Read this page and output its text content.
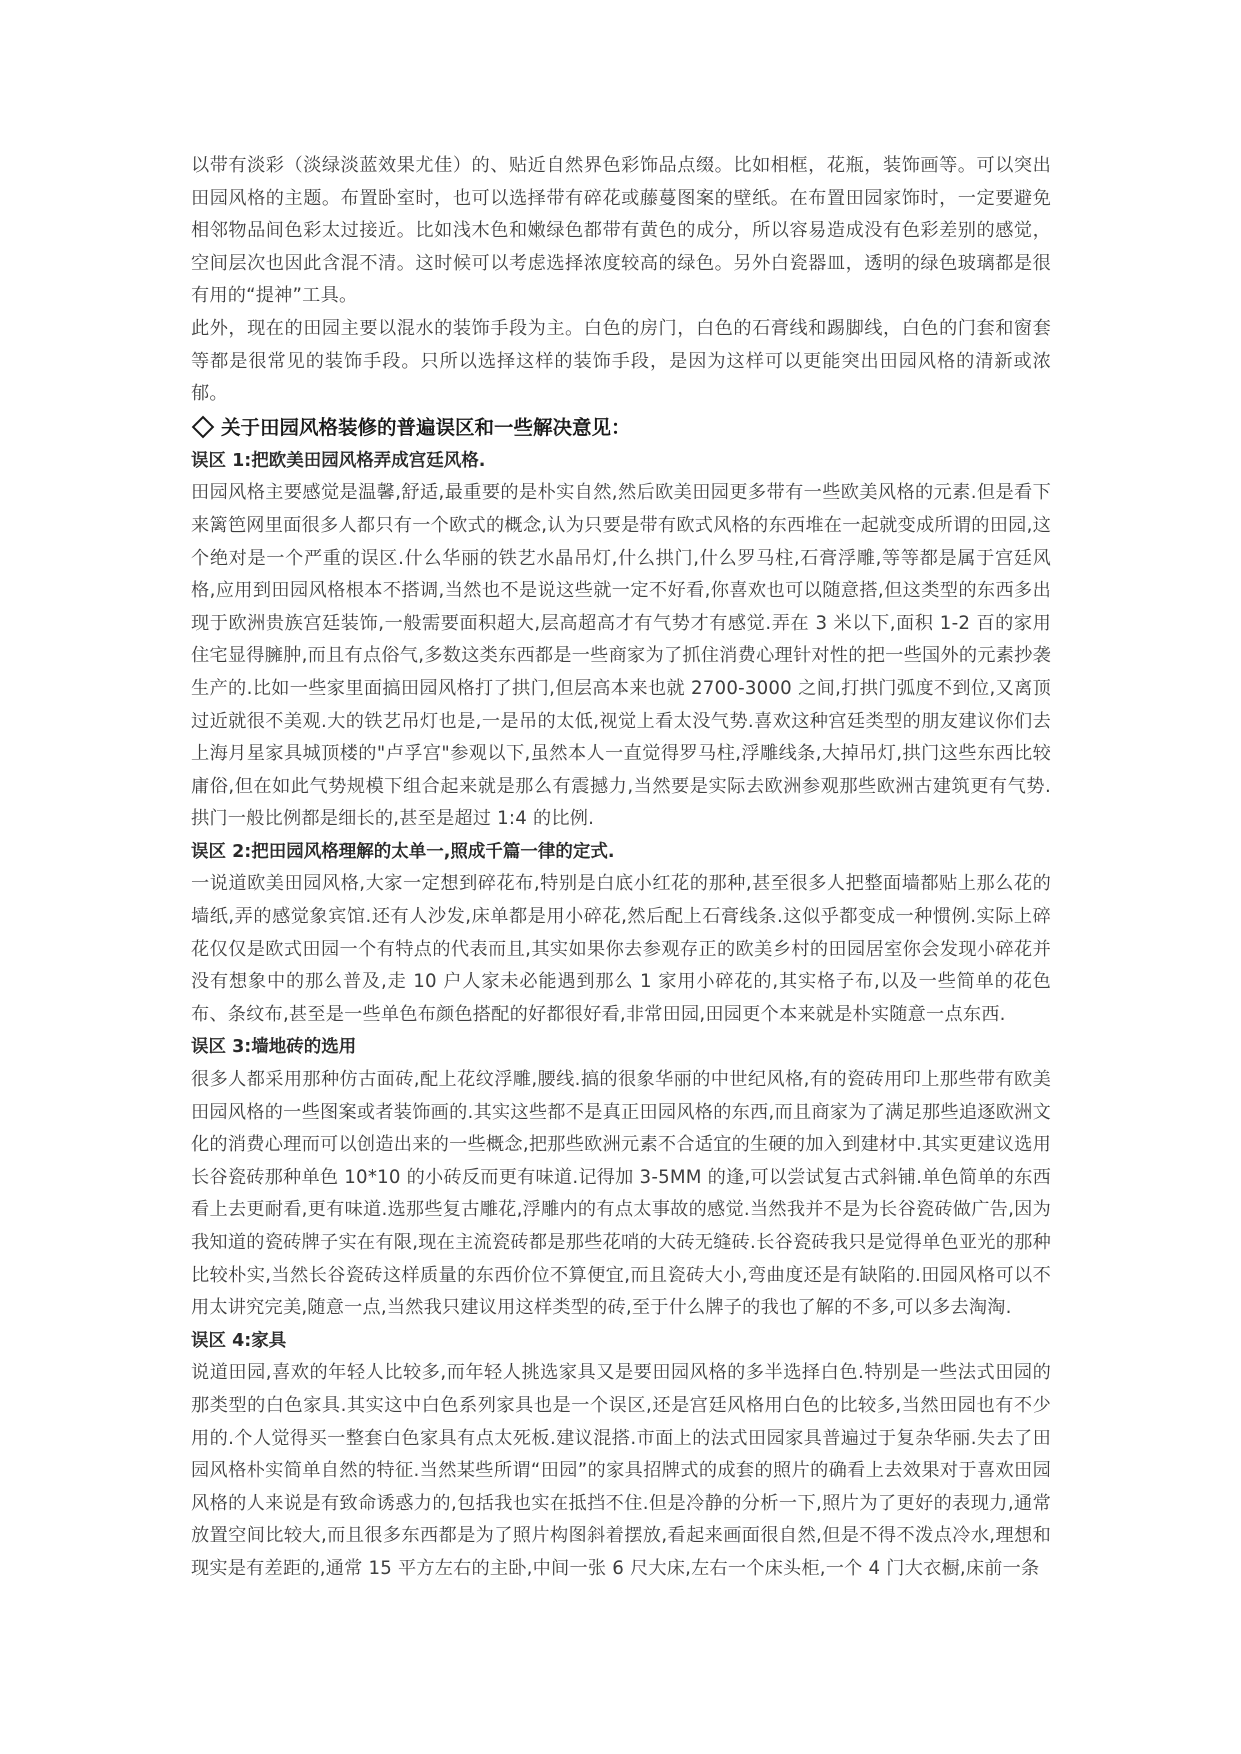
以带有淡彩（淡绿淡蓝效果尤佳）的、贴近自然界色彩饰品点缀。比如相框，花瓶，装饰画等。可以突出田园风格的主题。布置卧室时，也可以选择带有碎花或藤蔓图案的壁纸。在布置田园家饰时，一定要避免相邻物品间色彩太过接近。比如浅木色和嫩绿色都带有黄色的成分，所以容易造成没有色彩差别的感觉，空间层次也因此含混不清。这时候可以考虑选择浓度较高的绿色。另外白瓷器皿，透明的绿色玻璃都是很有用的“提神”工具。

此外，现在的田园主要以混水的装饰手段为主。白色的房门，白色的石膏线和踢脚线，白色的门套和窗套等都是很常见的装饰手段。只所以选择这样的装饰手段，是因为这样可以更能突出田园风格的清新或浓郁。

关于田园风格装修的普遍误区和一些解决意见：

误区 1:把欧美田园风格弄成宫廷风格.

田园风格主要感觉是温馨,舒适,最重要的是朴实自然,然后欧美田园更多带有一些欧美风格的元素.但是看下来篱笆网里面很多人都只有一个欧式的概念,认为只要是带有欧式风格的东西堆在一起就变成所谓的田园,这个绝对是一个严重的误区.什么华丽的铁艺水晶吊灯,什么拱门,什么罗马柱,石膏浮雕,等等都是属于宫廷风格,应用到田园风格根本不搭调,当然也不是说这些就一定不好看,你喜欢也可以随意搭,但这类型的东西多出现于欧洲贵族宫廷装饰,一般需要面积超大,层高超高才有气势才有感觉.弄在 3 米以下,面积 1-2 百的家用住宅显得臃肿,而且有点俗气,多数这类东西都是一些商家为了抓住消费心理针对性的把一些国外的元素抄袭生产的.比如一些家里面搞田园风格打了拱门,但层高本来也就 2700-3000 之间,打拱门弧度不到位,又离顶过近就很不美观.大的铁艺吊灯也是,一是吊的太低,视觉上看太没气势.喜欢这种宫廷类型的朋友建议你们去上海月星家具城顶楼的"卢孚宫"参观以下,虽然本人一直觉得罗马柱,浮雕线条,大掉吊灯,拱门这些东西比较庸俗,但在如此气势规模下组合起来就是那么有震撼力,当然要是实际去欧洲参观那些欧洲古建筑更有气势.拱门一般比例都是细长的,甚至是超过 1:4 的比例.

误区 2:把田园风格理解的太单一,照成千篇一律的定式.

一说道欧美田园风格,大家一定想到碎花布,特别是白底小红花的那种,甚至很多人把整面墙都贴上那么花的墙纸,弄的感觉象宾馆.还有人沙发,床单都是用小碎花,然后配上石膏线条.这似乎都变成一种惯例.实际上碎花仅仅是欧式田园一个有特点的代表而且,其实如果你去参观存正的欧美乡村的田园居室你会发现小碎花并没有想象中的那么普及,走 10 户人家未必能遇到那么 1 家用小碎花的,其实格子布,以及一些简单的花色布、条纹布,甚至是一些单色布颜色搭配的好都很好看,非常田园,田园更个本来就是朴实随意一点东西.

误区 3:墙地砖的选用

很多人都采用那种仿古面砖,配上花纹浮雕,腰线.搞的很象华丽的中世纪风格,有的瓷砖用印上那些带有欧美田园风格的一些图案或者装饰画的.其实这些都不是真正田园风格的东西,而且商家为了满足那些追逐欧洲文化的消费心理而可以创造出来的一些概念,把那些欧洲元素不合适宜的生硬的加入到建材中.其实更建议选用长谷瓷砖那种单色 10*10 的小砖反而更有味道.记得加 3-5MM 的逢,可以尝试复古式斜铺.单色简单的东西看上去更耐看,更有味道.选那些复古雕花,浮雕内的有点太事故的感觉.当然我并不是为长谷瓷砖做广告,因为我知道的瓷砖牌子实在有限,现在主流瓷砖都是那些花哨的大砖无缝砖.长谷瓷砖我只是觉得单色亚光的那种比较朴实,当然长谷瓷砖这样质量的东西价位不算便宜,而且瓷砖大小,弯曲度还是有缺陷的.田园风格可以不用太讲究完美,随意一点,当然我只建议用这样类型的砖,至于什么牌子的我也了解的不多,可以多去淘淘.

误区 4:家具

说道田园,喜欢的年轻人比较多,而年轻人挑选家具又是要田园风格的多半选择白色.特别是一些法式田园的那类型的白色家具.其实这中白色系列家具也是一个误区,还是宫廷风格用白色的比较多,当然田园也有不少用的.个人觉得买一整套白色家具有点太死板.建议混搭.市面上的法式田园家具普遍过于复杂华丽.失去了田园风格朴实简单自然的特征.当然某些所谓“田园”的家具招牌式的成套的照片的确看上去效果对于喜欢田园风格的人来说是有致命诱惑力的,包括我也实在抵挡不住.但是冷静的分析一下,照片为了更好的表现力,通常放置空间比较大,而且很多东西都是为了照片构图斜着摆放,看起来画面很自然,但是不得不泼点冷水,理想和现实是有差距的,通常 15 平方左右的主卧,中间一张 6 尺大床,左右一个床头柜,一个 4 门大衣橱,床前一条
